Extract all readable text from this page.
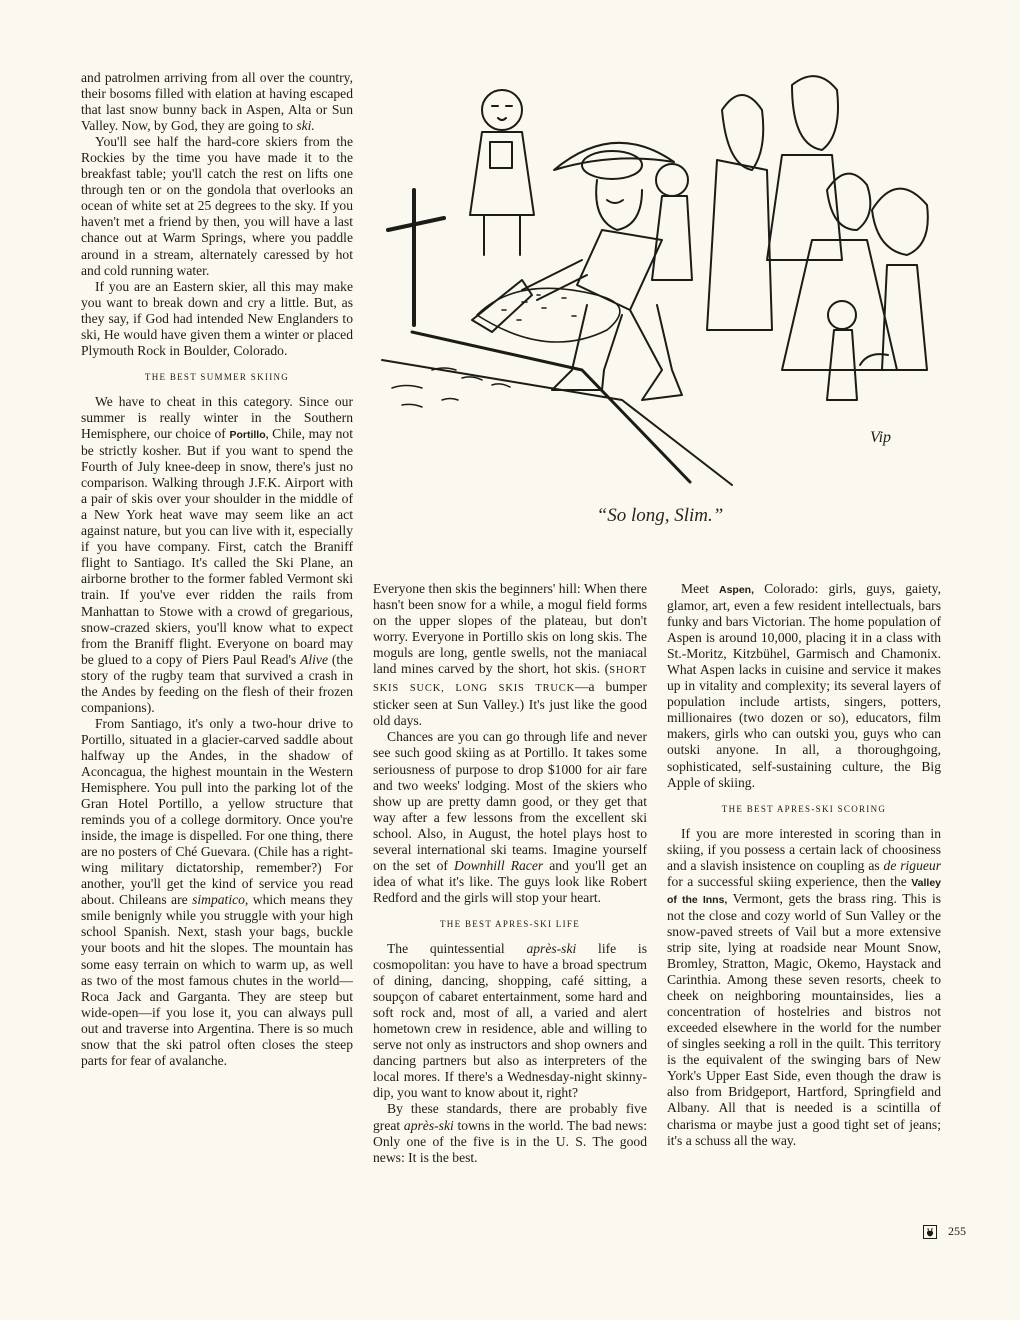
and patrolmen arriving from all over the country, their bosoms filled with elation at having escaped that last snow bunny back in Aspen, Alta or Sun Valley. Now, by God, they are going to ski.

You'll see half the hard-core skiers from the Rockies by the time you have made it to the breakfast table; you'll catch the rest on lifts one through ten or on the gondola that overlooks an ocean of white set at 25 degrees to the sky. If you haven't met a friend by then, you will have a last chance out at Warm Springs, where you paddle around in a stream, alternately caressed by hot and cold running water.

If you are an Eastern skier, all this may make you want to break down and cry a little. But, as they say, if God had intended New Englanders to ski, He would have given them a winter or placed Plymouth Rock in Boulder, Colorado.

THE BEST SUMMER SKIING

We have to cheat in this category. Since our summer is really winter in the Southern Hemisphere, our choice of Portillo, Chile, may not be strictly kosher. But if you want to spend the Fourth of July knee-deep in snow, there's just no comparison. Walking through J.F.K. Airport with a pair of skis over your shoulder in the middle of a New York heat wave may seem like an act against nature, but you can live with it, especially if you have company. First, catch the Braniff flight to Santiago. It's called the Ski Plane, an airborne brother to the former fabled Vermont ski train. If you've ever ridden the rails from Manhattan to Stowe with a crowd of gregarious, snow-crazed skiers, you'll know what to expect from the Braniff flight. Everyone on board may be glued to a copy of Piers Paul Read's Alive (the story of the rugby team that survived a crash in the Andes by feeding on the flesh of their frozen companions).

From Santiago, it's only a two-hour drive to Portillo, situated in a glacier-carved saddle about halfway up the Andes, in the shadow of Aconcagua, the highest mountain in the Western Hemisphere. You pull into the parking lot of the Gran Hotel Portillo, a yellow structure that reminds you of a college dormitory. Once you're inside, the image is dispelled. For one thing, there are no posters of Ché Guevara. (Chile has a right-wing military dictatorship, remember?) For another, you'll get the kind of service you read about. Chileans are simpatico, which means they smile benignly while you struggle with your high school Spanish. Next, stash your bags, buckle your boots and hit the slopes. The mountain has some easy terrain on which to warm up, as well as two of the most famous chutes in the world—Roca Jack and Garganta. They are steep but wide-open—if you lose it, you can always pull out and traverse into Argentina. There is so much snow that the ski patrol often closes the steep parts for fear of avalanche.

Vip
“So long, Slim.”

Everyone then skis the beginners' hill: When there hasn't been snow for a while, a mogul field forms on the upper slopes of the plateau, but don't worry. Everyone in Portillo skis on long skis. The moguls are long, gentle swells, not the maniacal land mines carved by the short, hot skis. (SHORT SKIS SUCK, LONG SKIS TRUCK—a bumper sticker seen at Sun Valley.) It's just like the good old days.

Chances are you can go through life and never see such good skiing as at Portillo. It takes some seriousness of purpose to drop $1000 for air fare and two weeks' lodging. Most of the skiers who show up are pretty damn good, or they get that way after a few lessons from the excellent ski school. Also, in August, the hotel plays host to several international ski teams. Imagine yourself on the set of Downhill Racer and you'll get an idea of what it's like. The guys look like Robert Redford and the girls will stop your heart.

THE BEST APRES-SKI LIFE

The quintessential après-ski life is cosmopolitan: you have to have a broad spectrum of dining, dancing, shopping, café sitting, a soupçon of cabaret entertainment, some hard and soft rock and, most of all, a varied and alert hometown crew in residence, able and willing to serve not only as instructors and shop owners and dancing partners but also as interpreters of the local mores. If there's a Wednesday-night skinny-dip, you want to know about it, right?

By these standards, there are probably five great après-ski towns in the world. The bad news: Only one of the five is in the U. S. The good news: It is the best.

Meet Aspen, Colorado: girls, guys, gaiety, glamor, art, even a few resident intellectuals, bars funky and bars Victorian. The home population of Aspen is around 10,000, placing it in a class with St.-Moritz, Kitzbühel, Garmisch and Chamonix. What Aspen lacks in cuisine and service it makes up in vitality and complexity; its several layers of population include artists, singers, potters, millionaires (two dozen or so), educators, film makers, girls who can outski you, guys who can outski anyone. In all, a thoroughgoing, sophisticated, self-sustaining culture, the Big Apple of skiing.

THE BEST APRES-SKI SCORING

If you are more interested in scoring than in skiing, if you possess a certain lack of choosiness and a slavish insistence on coupling as de rigueur for a successful skiing experience, then the Valley of the Inns, Vermont, gets the brass ring. This is not the close and cozy world of Sun Valley or the snow-paved streets of Vail but a more extensive strip site, lying at roadside near Mount Snow, Bromley, Stratton, Magic, Okemo, Haystack and Carinthia. Among these seven resorts, cheek to cheek on neighboring mountainsides, lies a concentration of hostelries and bistros not exceeded elsewhere in the world for the number of singles seeking a roll in the quilt. This territory is the equivalent of the swinging bars of New York's Upper East Side, even though the draw is also from Bridgeport, Hartford, Springfield and Albany. All that is needed is a scintilla of charisma or maybe just a good tight set of jeans; it's a schuss all the way.

255
